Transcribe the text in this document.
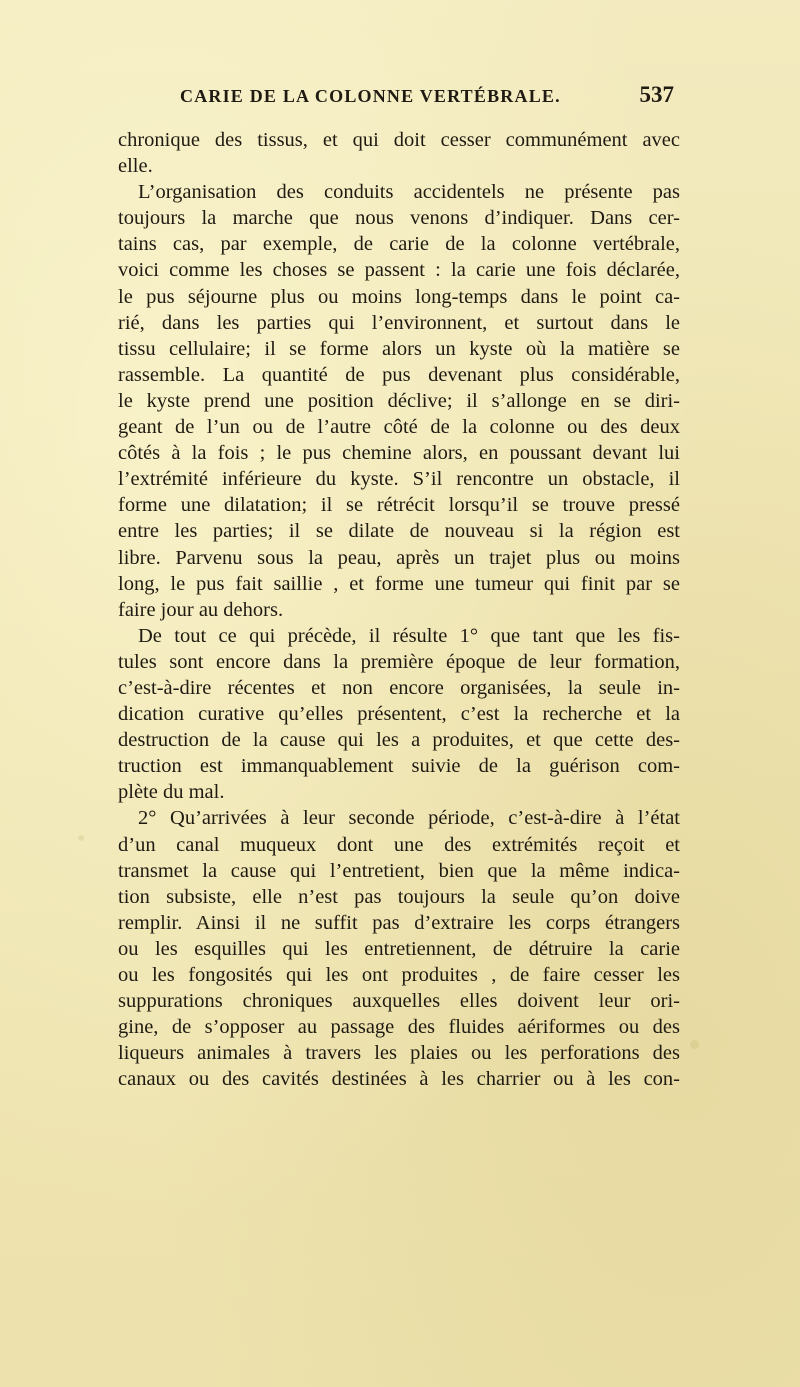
CARIE DE LA COLONNE VERTÉBRALE.	537
chronique des tissus, et qui doit cesser communément avec
elle.
L’organisation des conduits accidentels ne présente pas
toujours la marche que nous venons d’indiquer. Dans cer-
tains cas, par exemple, de carie de la colonne vertébrale,
voici comme les choses se passent : la carie une fois déclarée,
le pus séjourne plus ou moins long-temps dans le point ca-
rié, dans les parties qui l’environnent, et surtout dans le
tissu cellulaire; il se forme alors un kyste où la matière se
rassemble. La quantité de pus devenant plus considérable,
le kyste prend une position déclive; il s’allonge en se diri-
geant de l’un ou de l’autre côté de la colonne ou des deux
côtés à la fois ; le pus chemine alors, en poussant devant lui
l’extrémité inférieure du kyste. S’il rencontre un obstacle, il
forme une dilatation; il se rétrécit lorsqu’il se trouve pressé
entre les parties; il se dilate de nouveau si la région est
libre. Parvenu sous la peau, après un trajet plus ou moins
long, le pus fait saillie , et forme une tumeur qui finit par se
faire jour au dehors.
De tout ce qui précède, il résulte 1° que tant que les fis-
tules sont encore dans la première époque de leur formation,
c’est-à-dire récentes et non encore organisées, la seule in-
dication curative qu’elles présentent, c’est la recherche et la
destruction de la cause qui les a produites, et que cette des-
truction est immanquablement suivie de la guérison com-
plète du mal.
2° Qu’arrivées à leur seconde période, c’est-à-dire à l’état
d’un canal muqueux dont une des extrémités reçoit et
transmet la cause qui l’entretient, bien que la même indica-
tion subsiste, elle n’est pas toujours la seule qu’on doive
remplir. Ainsi il ne suffit pas d’extraire les corps étrangers
ou les esquilles qui les entretiennent, de détruire la carie
ou les fongosités qui les ont produites , de faire cesser les
suppurations chroniques auxquelles elles doivent leur ori-
gine, de s’opposer au passage des fluides aériformes ou des
liqueurs animales à travers les plaies ou les perforations des
canaux ou des cavités destinées à les charrier ou à les con-
